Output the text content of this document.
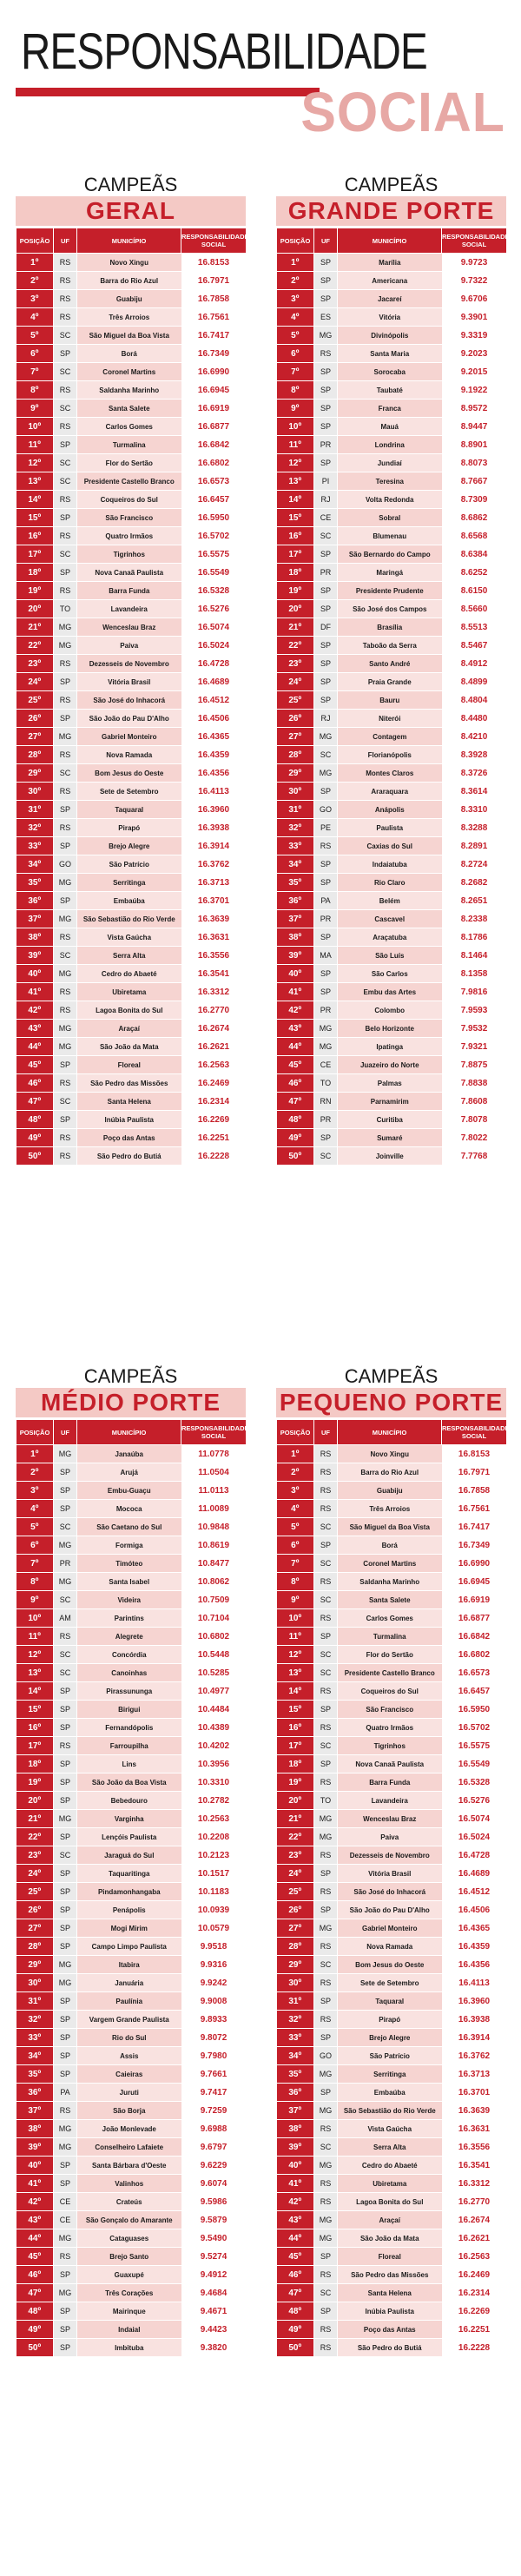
RESPONSABILIDADE
SOCIAL
CAMPEÃS
GERAL
POSIÇÃO	UF	MUNICÍPIO	RESPONSABILIDADE SOCIAL
1º	RS	Novo Xingu	16.8153
2º	RS	Barra do Rio Azul	16.7971
3º	RS	Guabiju	16.7858
4º	RS	Três Arroios	16.7561
5º	SC	São Miguel da Boa Vista	16.7417
6º	SP	Borá	16.7349
7º	SC	Coronel Martins	16.6990
8º	RS	Saldanha Marinho	16.6945
9º	SC	Santa Salete	16.6919
10º	RS	Carlos Gomes	16.6877
11º	SP	Turmalina	16.6842
12º	SC	Flor do Sertão	16.6802
13º	SC	Presidente Castello Branco	16.6573
14º	RS	Coqueiros do Sul	16.6457
15º	SP	São Francisco	16.5950
16º	RS	Quatro Irmãos	16.5702
17º	SC	Tigrinhos	16.5575
18º	SP	Nova Canaã Paulista	16.5549
19º	RS	Barra Funda	16.5328
20º	TO	Lavandeira	16.5276
21º	MG	Wenceslau Braz	16.5074
22º	MG	Paiva	16.5024
23º	RS	Dezesseis de Novembro	16.4728
24º	SP	Vitória Brasil	16.4689
25º	RS	São José do Inhacorá	16.4512
26º	SP	São João do Pau D'Alho	16.4506
27º	MG	Gabriel Monteiro	16.4365
28º	RS	Nova Ramada	16.4359
29º	SC	Bom Jesus do Oeste	16.4356
30º	RS	Sete de Setembro	16.4113
31º	SP	Taquaral	16.3960
32º	RS	Pirapó	16.3938
33º	SP	Brejo Alegre	16.3914
34º	GO	São Patrício	16.3762
35º	MG	Serritinga	16.3713
36º	SP	Embaúba	16.3701
37º	MG	São Sebastião do Rio Verde	16.3639
38º	RS	Vista Gaúcha	16.3631
39º	SC	Serra Alta	16.3556
40º	MG	Cedro do Abaeté	16.3541
41º	RS	Ubiretama	16.3312
42º	RS	Lagoa Bonita do Sul	16.2770
43º	MG	Araçaí	16.2674
44º	MG	São João da Mata	16.2621
45º	SP	Floreal	16.2563
46º	RS	São Pedro das Missões	16.2469
47º	SC	Santa Helena	16.2314
48º	SP	Inúbia Paulista	16.2269
49º	RS	Poço das Antas	16.2251
50º	RS	São Pedro do Butiá	16.2228
CAMPEÃS
GRANDE PORTE
POSIÇÃO	UF	MUNICÍPIO	RESPONSABILIDADE SOCIAL
1º	SP	Marília	9.9723
2º	SP	Americana	9.7322
3º	SP	Jacareí	9.6706
4º	ES	Vitória	9.3901
5º	MG	Divinópolis	9.3319
6º	RS	Santa Maria	9.2023
7º	SP	Sorocaba	9.2015
8º	SP	Taubaté	9.1922
9º	SP	Franca	8.9572
10º	SP	Mauá	8.9447
11º	PR	Londrina	8.8901
12º	SP	Jundiaí	8.8073
13º	PI	Teresina	8.7667
14º	RJ	Volta Redonda	8.7309
15º	CE	Sobral	8.6862
16º	SC	Blumenau	8.6568
17º	SP	São Bernardo do Campo	8.6384
18º	PR	Maringá	8.6252
19º	SP	Presidente Prudente	8.6150
20º	SP	São José dos Campos	8.5660
21º	DF	Brasília	8.5513
22º	SP	Taboão da Serra	8.5467
23º	SP	Santo André	8.4912
24º	SP	Praia Grande	8.4899
25º	SP	Bauru	8.4804
26º	RJ	Niterói	8.4480
27º	MG	Contagem	8.4210
28º	SC	Florianópolis	8.3928
29º	MG	Montes Claros	8.3726
30º	SP	Araraquara	8.3614
31º	GO	Anápolis	8.3310
32º	PE	Paulista	8.3288
33º	RS	Caxias do Sul	8.2891
34º	SP	Indaiatuba	8.2724
35º	SP	Rio Claro	8.2682
36º	PA	Belém	8.2651
37º	PR	Cascavel	8.2338
38º	SP	Araçatuba	8.1786
39º	MA	São Luís	8.1464
40º	SP	São Carlos	8.1358
41º	SP	Embu das Artes	7.9816
42º	PR	Colombo	7.9593
43º	MG	Belo Horizonte	7.9532
44º	MG	Ipatinga	7.9321
45º	CE	Juazeiro do Norte	7.8875
46º	TO	Palmas	7.8838
47º	RN	Parnamirim	7.8608
48º	PR	Curitiba	7.8078
49º	SP	Sumaré	7.8022
50º	SC	Joinville	7.7768
CAMPEÃS
MÉDIO PORTE
POSIÇÃO	UF	MUNICÍPIO	RESPONSABILIDADE SOCIAL
1º	MG	Janaúba	11.0778
2º	SP	Arujá	11.0504
3º	SP	Embu-Guaçu	11.0113
4º	SP	Mococa	11.0089
5º	SC	São Caetano do Sul	10.9848
6º	MG	Formiga	10.8619
7º	PR	Timóteo	10.8477
8º	MG	Santa Isabel	10.8062
9º	SC	Videira	10.7509
10º	AM	Parintins	10.7104
11º	RS	Alegrete	10.6802
12º	SC	Concórdia	10.5448
13º	SC	Canoinhas	10.5285
14º	SP	Pirassununga	10.4977
15º	SP	Birigui	10.4484
16º	SP	Fernandópolis	10.4389
17º	RS	Farroupilha	10.4202
18º	SP	Lins	10.3956
19º	SP	São João da Boa Vista	10.3310
20º	SP	Bebedouro	10.2782
21º	MG	Varginha	10.2563
22º	SP	Lençóis Paulista	10.2208
23º	SC	Jaraguá do Sul	10.2123
24º	SP	Taquaritinga	10.1517
25º	SP	Pindamonhangaba	10.1183
26º	SP	Penápolis	10.0939
27º	SP	Mogi Mirim	10.0579
28º	SP	Campo Limpo Paulista	9.9518
29º	MG	Itabira	9.9316
30º	MG	Januária	9.9242
31º	SP	Paulínia	9.9008
32º	SP	Vargem Grande Paulista	9.8933
33º	SP	Rio do Sul	9.8072
34º	SP	Assis	9.7980
35º	SP	Caieiras	9.7661
36º	PA	Juruti	9.7417
37º	RS	São Borja	9.7259
38º	MG	João Monlevade	9.6988
39º	MG	Conselheiro Lafaiete	9.6797
40º	SP	Santa Bárbara d'Oeste	9.6229
41º	SP	Valinhos	9.6074
42º	CE	Crateús	9.5986
43º	CE	São Gonçalo do Amarante	9.5879
44º	MG	Cataguases	9.5490
45º	RS	Brejo Santo	9.5274
46º	SP	Guaxupé	9.4912
47º	MG	Três Corações	9.4684
48º	SP	Mairinque	9.4671
49º	SP	Indaial	9.4423
50º	SP	Imbituba	9.3820
CAMPEÃS
PEQUENO PORTE
POSIÇÃO	UF	MUNICÍPIO	RESPONSABILIDADE SOCIAL
1º	RS	Novo Xingu	16.8153
2º	RS	Barra do Rio Azul	16.7971
3º	RS	Guabiju	16.7858
4º	RS	Três Arroios	16.7561
5º	SC	São Miguel da Boa Vista	16.7417
6º	SP	Borá	16.7349
7º	SC	Coronel Martins	16.6990
8º	RS	Saldanha Marinho	16.6945
9º	SC	Santa Salete	16.6919
10º	RS	Carlos Gomes	16.6877
11º	SP	Turmalina	16.6842
12º	SC	Flor do Sertão	16.6802
13º	SC	Presidente Castello Branco	16.6573
14º	RS	Coqueiros do Sul	16.6457
15º	SP	São Francisco	16.5950
16º	RS	Quatro Irmãos	16.5702
17º	SC	Tigrinhos	16.5575
18º	SP	Nova Canaã Paulista	16.5549
19º	RS	Barra Funda	16.5328
20º	TO	Lavandeira	16.5276
21º	MG	Wenceslau Braz	16.5074
22º	MG	Paiva	16.5024
23º	RS	Dezesseis de Novembro	16.4728
24º	SP	Vitória Brasil	16.4689
25º	RS	São José do Inhacorá	16.4512
26º	SP	São João do Pau D'Alho	16.4506
27º	MG	Gabriel Monteiro	16.4365
28º	RS	Nova Ramada	16.4359
29º	SC	Bom Jesus do Oeste	16.4356
30º	RS	Sete de Setembro	16.4113
31º	SP	Taquaral	16.3960
32º	RS	Pirapó	16.3938
33º	SP	Brejo Alegre	16.3914
34º	GO	São Patrício	16.3762
35º	MG	Serritinga	16.3713
36º	SP	Embaúba	16.3701
37º	MG	São Sebastião do Rio Verde	16.3639
38º	RS	Vista Gaúcha	16.3631
39º	SC	Serra Alta	16.3556
40º	MG	Cedro do Abaeté	16.3541
41º	RS	Ubiretama	16.3312
42º	RS	Lagoa Bonita do Sul	16.2770
43º	MG	Araçaí	16.2674
44º	MG	São João da Mata	16.2621
45º	SP	Floreal	16.2563
46º	RS	São Pedro das Missões	16.2469
47º	SC	Santa Helena	16.2314
48º	SP	Inúbia Paulista	16.2269
49º	RS	Poço das Antas	16.2251
50º	RS	São Pedro do Butiá	16.2228
